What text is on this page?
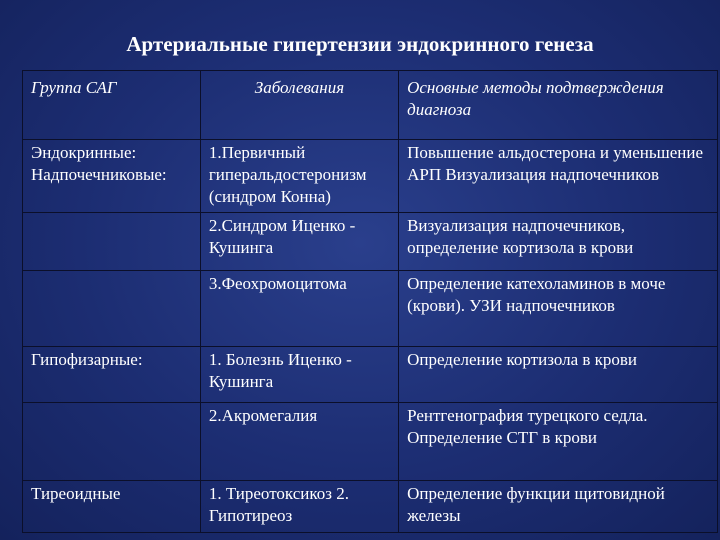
Артериальные гипертензии эндокринного генеза
Группа САГ	Заболевания	Основные методы подтверждения диагноза
Эндокринные: Надпочечниковые:	1.Первичный гиперальдостеронизм (синдром Конна)	Повышение альдостерона и уменьшение АРП Визуализация надпочечников
	2.Синдром Иценко - Кушинга	Визуализация надпочечников, определение кортизола в крови
	3.Феохромоцитома	Определение катехоламинов в моче (крови). УЗИ надпочечников
Гипофизарные:	1. Болезнь Иценко - Кушинга	Определение кортизола в крови
	2.Акромегалия	Рентгенография турецкого седла. Определение СТГ в крови
Тиреоидные	1. Тиреотоксикоз 2. Гипотиреоз	Определение функции щитовидной железы
